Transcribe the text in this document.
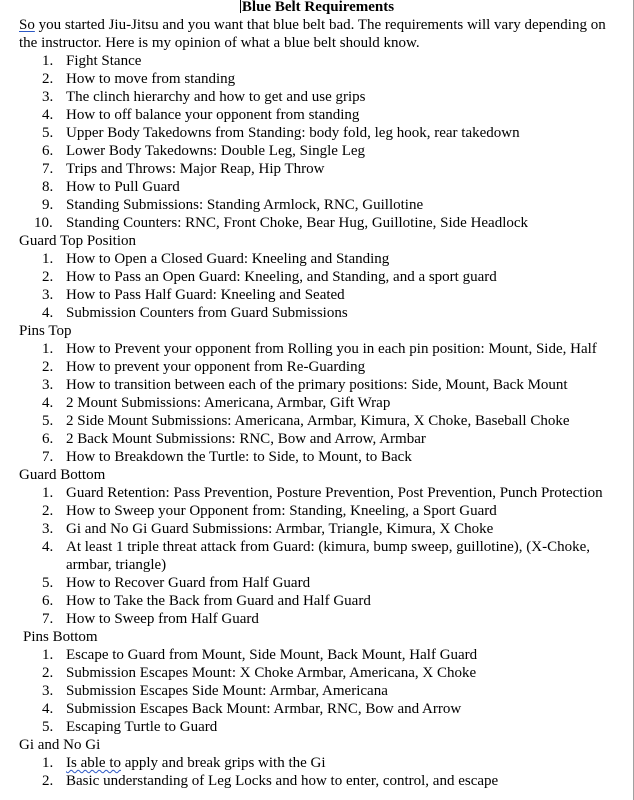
Blue Belt Requirements
So you started Jiu-Jitsu and you want that blue belt bad. The requirements will vary depending on the instructor. Here is my opinion of what a blue belt should know.
1. Fight Stance
2. How to move from standing
3. The clinch hierarchy and how to get and use grips
4. How to off balance your opponent from standing
5. Upper Body Takedowns from Standing: body fold, leg hook, rear takedown
6. Lower Body Takedowns: Double Leg, Single Leg
7. Trips and Throws: Major Reap, Hip Throw
8. How to Pull Guard
9. Standing Submissions: Standing Armlock, RNC, Guillotine
10. Standing Counters: RNC, Front Choke, Bear Hug, Guillotine, Side Headlock
Guard Top Position
1. How to Open a Closed Guard: Kneeling and Standing
2. How to Pass an Open Guard: Kneeling, and Standing, and a sport guard
3. How to Pass Half Guard: Kneeling and Seated
4. Submission Counters from Guard Submissions
Pins Top
1. How to Prevent your opponent from Rolling you in each pin position: Mount, Side, Half
2. How to prevent your opponent from Re-Guarding
3. How to transition between each of the primary positions: Side, Mount, Back Mount
4. 2 Mount Submissions: Americana, Armbar, Gift Wrap
5. 2 Side Mount Submissions: Americana, Armbar, Kimura, X Choke, Baseball Choke
6. 2 Back Mount Submissions: RNC, Bow and Arrow, Armbar
7. How to Breakdown the Turtle: to Side, to Mount, to Back
Guard Bottom
1. Guard Retention: Pass Prevention, Posture Prevention, Post Prevention, Punch Protection
2. How to Sweep your Opponent from: Standing, Kneeling, a Sport Guard
3. Gi and No Gi Guard Submissions: Armbar, Triangle, Kimura, X Choke
4. At least 1 triple threat attack from Guard: (kimura, bump sweep, guillotine), (X-Choke, armbar, triangle)
5. How to Recover Guard from Half Guard
6. How to Take the Back from Guard and Half Guard
7. How to Sweep from Half Guard
Pins Bottom
1. Escape to Guard from Mount, Side Mount, Back Mount, Half Guard
2. Submission Escapes Mount: X Choke Armbar, Americana, X Choke
3. Submission Escapes Side Mount: Armbar, Americana
4. Submission Escapes Back Mount: Armbar, RNC, Bow and Arrow
5. Escaping Turtle to Guard
Gi and No Gi
1. Is able to apply and break grips with the Gi
2. Basic understanding of Leg Locks and how to enter, control, and escape
